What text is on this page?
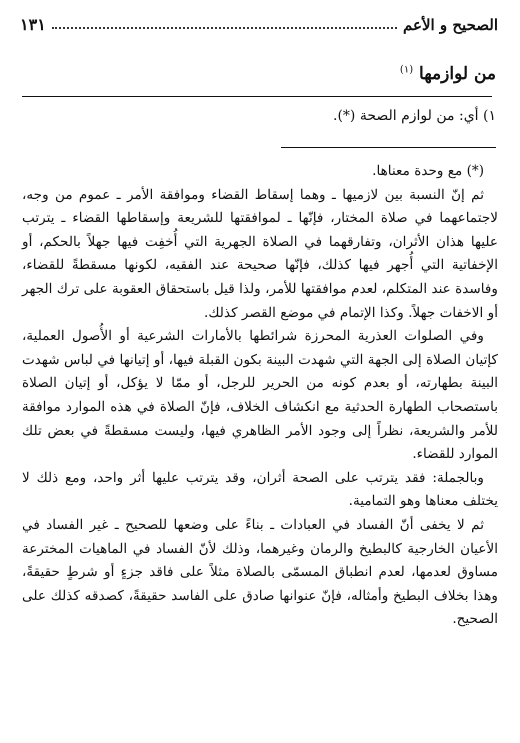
الصحيح و الأعم
١٣١
من لوازمها $^{(١)}$
١) أي: من لوازم الصحة (*).

(*) مع وحدة معناها.

ثم إنّ النسبة بين لازميها ـ وهما إسقاط القضاء وموافقة الأمر ـ عموم من وجه، لاجتماعهما في صلاة المختار، فإنّها ـ لموافقتها للشريعة وإسقاطها القضاء ـ يترتب عليها هذان الأثران، وتفارقهما في الصلاة الجهرية التي أُخفِت فيها جهلاً بالحكم، أو الإخفاتية التي أُجهر فيها كذلك، فإنّها صحيحة عند الفقيه، لكونها مسقطةً للقضاء، وفاسدة عند المتكلم، لعدم موافقتها للأمر، ولذا قيل باستحقاق العقوبة على ترك الجهر أو الاخفات جهلاً. وكذا الإتمام في موضع القصر كذلك.

وفي الصلوات العذرية المحرزة شرائطها بالأمارات الشرعية أو الأُصول العملية، كإتيان الصلاة إلى الجهة التي شهدت البينة بكون القبلة فيها، أو إتيانها في لباس شهدت البينة بطهارته، أو بعدم كونه من الحرير للرجل، أو ممّا لا يؤكل، أو إتيان الصلاة باستصحاب الطهارة الحدثية مع انكشاف الخلاف، فإنّ الصلاة في هذه الموارد موافقة للأمر والشريعة، نظراً إلى وجود الأمر الظاهري فيها، وليست مسقطةً في بعض تلك الموارد للقضاء.

وبالجملة: فقد يترتب على الصحة أثران، وقد يترتب عليها أثر واحد، ومع ذلك لا يختلف معناها وهو التمامية.

ثم لا يخفى أنّ الفساد في العبادات ـ بناءً على وضعها للصحيح ـ غير الفساد في الأعيان الخارجية كالبطيخ والرمان وغيرهما، وذلك لأنّ الفساد في الماهيات المخترعة مساوق لعدمها، لعدم انطباق المسمّى بالصلاة مثلاً على فاقد جزءٍ أو شرطٍ حقيقةً، وهذا بخلاف البطيخ وأمثاله، فإنّ عنوانها صادق على الفاسد حقيقةً، كصدقه كذلك على الصحيح.
